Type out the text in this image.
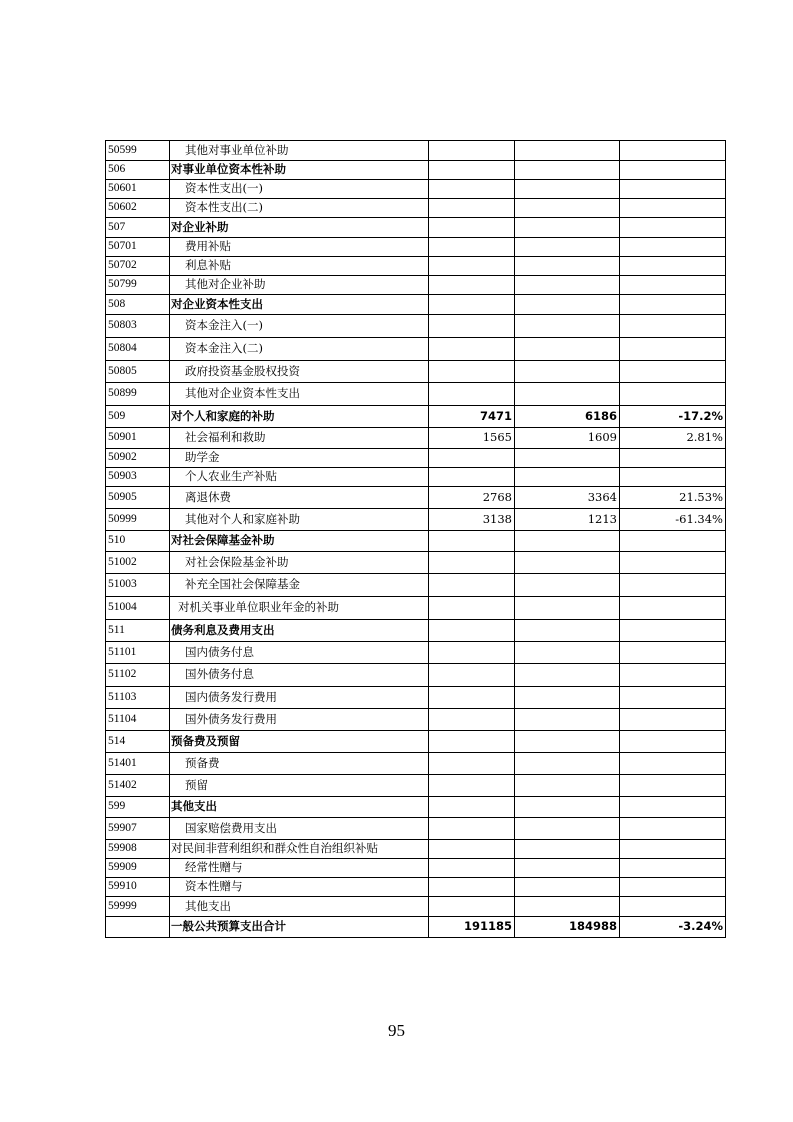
50599	其他对事业单位补助			
506	对事业单位资本性补助			
50601	资本性支出(一)			
50602	资本性支出(二)			
507	对企业补助			
50701	费用补贴			
50702	利息补贴			
50799	其他对企业补助			
508	对企业资本性支出			
50803	资本金注入(一)			
50804	资本金注入(二)			
50805	政府投资基金股权投资			
50899	其他对企业资本性支出			
509	对个人和家庭的补助	7471	6186	-17.2%
50901	社会福利和救助	1565	1609	2.81%
50902	助学金			
50903	个人农业生产补贴			
50905	离退休费	2768	3364	21.53%
50999	其他对个人和家庭补助	3138	1213	-61.34%
510	对社会保障基金补助			
51002	对社会保险基金补助			
51003	补充全国社会保障基金			
51004	对机关事业单位职业年金的补助			
511	债务利息及费用支出			
51101	国内债务付息			
51102	国外债务付息			
51103	国内债务发行费用			
51104	国外债务发行费用			
514	预备费及预留			
51401	预备费			
51402	预留			
599	其他支出			
59907	国家赔偿费用支出			
59908	对民间非营利组织和群众性自治组织补贴			
59909	经常性赠与			
59910	资本性赠与			
59999	其他支出			
	一般公共预算支出合计	191185	184988	-3.24%
95
